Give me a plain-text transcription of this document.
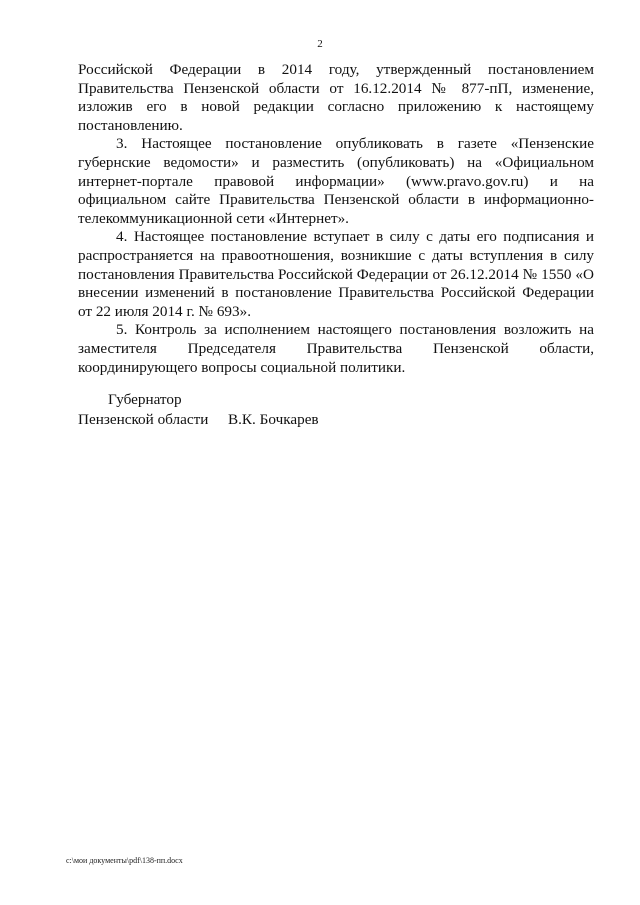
2

Российской Федерации в 2014 году, утвержденный постановлением Правительства Пензенской области от 16.12.2014 № 877-пП, изменение, изложив его в новой редакции согласно приложению к настоящему постановлению.

3. Настоящее постановление опубликовать в газете «Пензенские губернские ведомости» и разместить (опубликовать) на «Официальном интернет-портале правовой информации» (www.pravo.gov.ru) и на официальном сайте Правительства Пензенской области в информационно-телекоммуникационной сети «Интернет».

4. Настоящее постановление вступает в силу с даты его подписания и распространяется на правоотношения, возникшие с даты вступления в силу постановления Правительства Российской Федерации от 26.12.2014 № 1550 «О внесении изменений в постановление Правительства Российской Федерации от 22 июля 2014 г. № 693».

5. Контроль за исполнением настоящего постановления возложить на заместителя Председателя Правительства Пензенской области, координирующего вопросы социальной политики.

Губернатор
Пензенской области В.К. Бочкарев
c:\мои документы\pdf\138-пп.docx
